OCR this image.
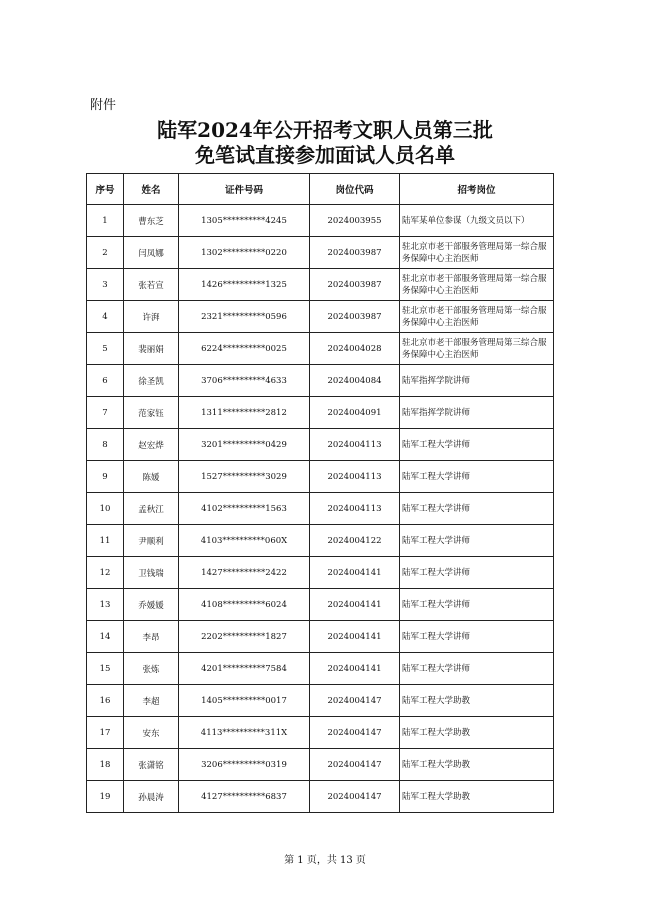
附件
陆军2024年公开招考文职人员第三批
免笔试直接参加面试人员名单
序号	姓名	证件号码	岗位代码	招考岗位
1	曹东芝	1305**********4245	2024003955	陆军某单位参谋（九级文员以下）
2	闫凤娜	1302**********0220	2024003987	驻北京市老干部服务管理局第一综合服务保障中心主治医师
3	张若宣	1426**********1325	2024003987	驻北京市老干部服务管理局第一综合服务保障中心主治医师
4	许湃	2321**********0596	2024003987	驻北京市老干部服务管理局第一综合服务保障中心主治医师
5	裴丽娟	6224**********0025	2024004028	驻北京市老干部服务管理局第三综合服务保障中心主治医师
6	徐圣凯	3706**********4633	2024004084	陆军指挥学院讲师
7	范家钰	1311**********2812	2024004091	陆军指挥学院讲师
8	赵宏烨	3201**********0429	2024004113	陆军工程大学讲师
9	陈媛	1527**********3029	2024004113	陆军工程大学讲师
10	孟秋江	4102**********1563	2024004113	陆军工程大学讲师
11	尹顺利	4103**********060X	2024004122	陆军工程大学讲师
12	卫钱瑞	1427**********2422	2024004141	陆军工程大学讲师
13	乔媛媛	4108**********6024	2024004141	陆军工程大学讲师
14	李昂	2202**********1827	2024004141	陆军工程大学讲师
15	张炼	4201**********7584	2024004141	陆军工程大学讲师
16	李超	1405**********0017	2024004147	陆军工程大学助教
17	安东	4113**********311X	2024004147	陆军工程大学助教
18	张潇铭	3206**********0319	2024004147	陆军工程大学助教
19	孙晨涛	4127**********6837	2024004147	陆军工程大学助教
第 1 页，共 13 页
